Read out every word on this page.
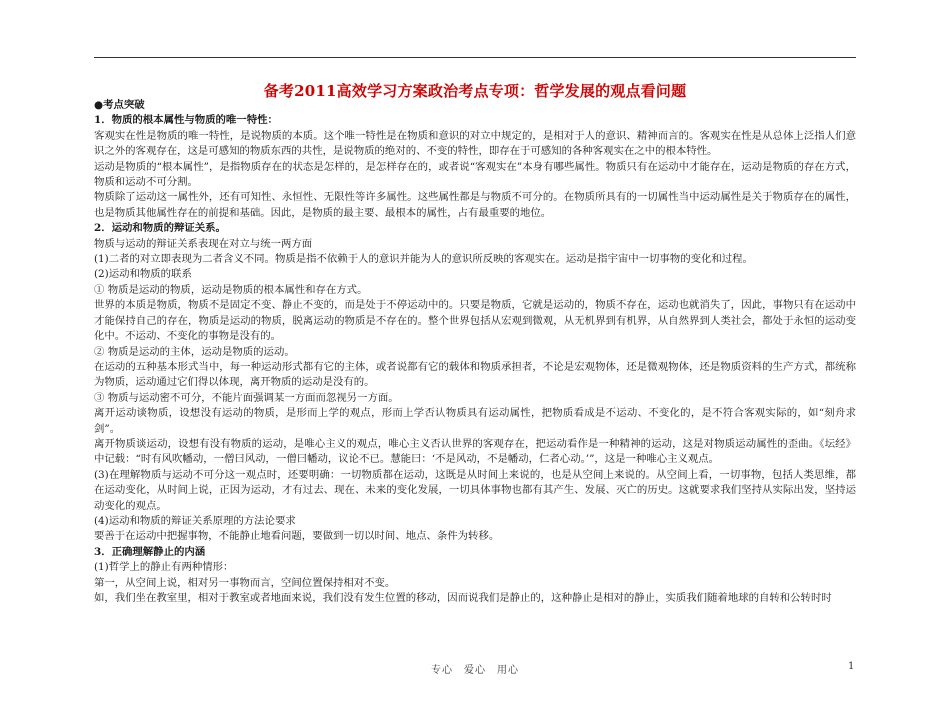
备考2011高效学习方案政治考点专项：哲学发展的观点看问题

●考点突破

1．物质的根本属性与物质的唯一特性：

客观实在性是物质的唯一特性，是说物质的本质。这个唯一特性是在物质和意识的对立中规定的，是相对于人的意识、精神而言的。客观实在性是从总体上泛指人们意识之外的客观存在，这是可感知的物质东西的共性，是说物质的绝对的、不变的特性，即存在于可感知的各种客观实在之中的根本特性。

运动是物质的“根本属性”，是指物质存在的状态是怎样的，是怎样存在的，或者说“客观实在”本身有哪些属性。物质只有在运动中才能存在，运动是物质的存在方式，物质和运动不可分割。

物质除了运动这一属性外，还有可知性、永恒性、无限性等许多属性。这些属性都是与物质不可分的。在物质所具有的一切属性当中运动属性是关于物质存在的属性，也是物质其他属性存在的前提和基础。因此，是物质的最主要、最根本的属性，占有最重要的地位。

2．运动和物质的辩证关系。

物质与运动的辩证关系表现在对立与统一两方面

(1)二者的对立即表现为二者含义不同。物质是指不依赖于人的意识并能为人的意识所反映的客观实在。运动是指宇宙中一切事物的变化和过程。

(2)运动和物质的联系

① 物质是运动的物质，运动是物质的根本属性和存在方式。

世界的本质是物质，物质不是固定不变、静止不变的，而是处于不停运动中的。只要是物质，它就是运动的，物质不存在，运动也就消失了，因此，事物只有在运动中才能保持自己的存在，物质是运动的物质，脱离运动的物质是不存在的。整个世界包括从宏观到微观，从无机界到有机界，从自然界到人类社会，都处于永恒的运动变化中。不运动、不变化的事物是没有的。

② 物质是运动的主体，运动是物质的运动。

在运动的五种基本形式当中，每一种运动形式都有它的主体，或者说都有它的载体和物质承担者，不论是宏观物体，还是微观物体，还是物质资料的生产方式，都统称为物质，运动通过它们得以体现，离开物质的运动是没有的。

③ 物质与运动密不可分，不能片面强调某一方面而忽视另一方面。

离开运动谈物质，设想没有运动的物质，是形而上学的观点，形而上学否认物质具有运动属性，把物质看成是不运动、不变化的，是不符合客观实际的，如“刻舟求剑”。

离开物质谈运动，设想有没有物质的运动，是唯心主义的观点，唯心主义否认世界的客观存在，把运动看作是一种精神的运动，这是对物质运动属性的歪曲。《坛经》中记载：“时有风吹幡动，一僧曰风动，一僧曰幡动，议论不已。慧能曰：‘不是风动，不是幡动，仁者心动。’”，这是一种唯心主义观点。

(3)在理解物质与运动不可分这一观点时，还要明确：一切物质都在运动，这既是从时间上来说的，也是从空间上来说的。从空间上看，一切事物，包括人类思维，都在运动变化，从时间上说，正因为运动，才有过去、现在、未来的变化发展，一切具体事物也都有其产生、发展、灭亡的历史。这就要求我们坚持从实际出发，坚持运动变化的观点。

(4)运动和物质的辩证关系原理的方法论要求

要善于在运动中把握事物，不能静止地看问题，要做到一切以时间、地点、条件为转移。

3．正确理解静止的内涵

(1)哲学上的静止有两种情形：

第一，从空间上说，相对另一事物而言，空间位置保持相对不变。

如，我们坐在教室里，相对于教室或者地面来说，我们没有发生位置的移动，因而说我们是静止的，这种静止是相对的静止，实质我们随着地球的自转和公转时时

专心　爱心　用心	1
